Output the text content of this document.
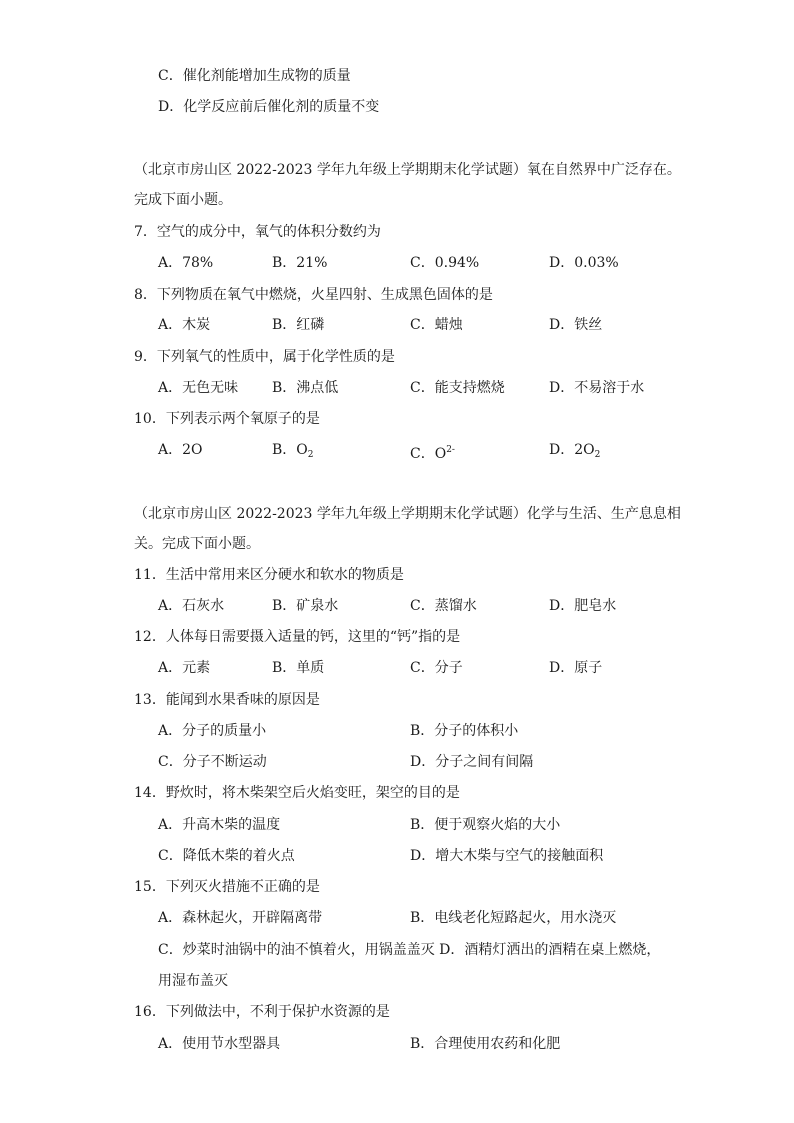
C．催化剂能增加生成物的质量
D．化学反应前后催化剂的质量不变
（北京市房山区 2022-2023 学年九年级上学期期末化学试题）氧在自然界中广泛存在。
完成下面小题。
7．空气的成分中，氧气的体积分数约为
A．78%	B．21%	C．0.94%	D．0.03%
8．下列物质在氧气中燃烧，火星四射、生成黑色固体的是
A．木炭	B．红磷	C．蜡烛	D．铁丝
9．下列氧气的性质中，属于化学性质的是
A．无色无味 B．沸点低	C．能支持燃烧	D．不易溶于水
10．下列表示两个氧原子的是
A．2O	B．$O_2$	C．$O^{2-}$	D．$2O_2$
（北京市房山区 2022-2023 学年九年级上学期期末化学试题）化学与生活、生产息息相
关。完成下面小题。
11．生活中常用来区分硬水和软水的物质是
A．石灰水	B．矿泉水	C．蒸馏水	D．肥皂水
12．人体每日需要摄入适量的钙，这里的“钙”指的是
A．元素	B．单质	C．分子	D．原子
13．能闻到水果香味的原因是
A．分子的质量小	B．分子的体积小
C．分子不断运动	D．分子之间有间隔
14．野炊时，将木柴架空后火焰变旺，架空的目的是
A．升高木柴的温度	B．便于观察火焰的大小
C．降低木柴的着火点	D．增大木柴与空气的接触面积
15．下列灭火措施不正确的是
A．森林起火，开辟隔离带	B．电线老化短路起火，用水浇灭
C．炒菜时油锅中的油不慎着火，用锅盖盖灭 D．酒精灯洒出的酒精在桌上燃烧，
用湿布盖灭
16．下列做法中，不利于保护水资源的是
A．使用节水型器具	B．合理使用农药和化肥
